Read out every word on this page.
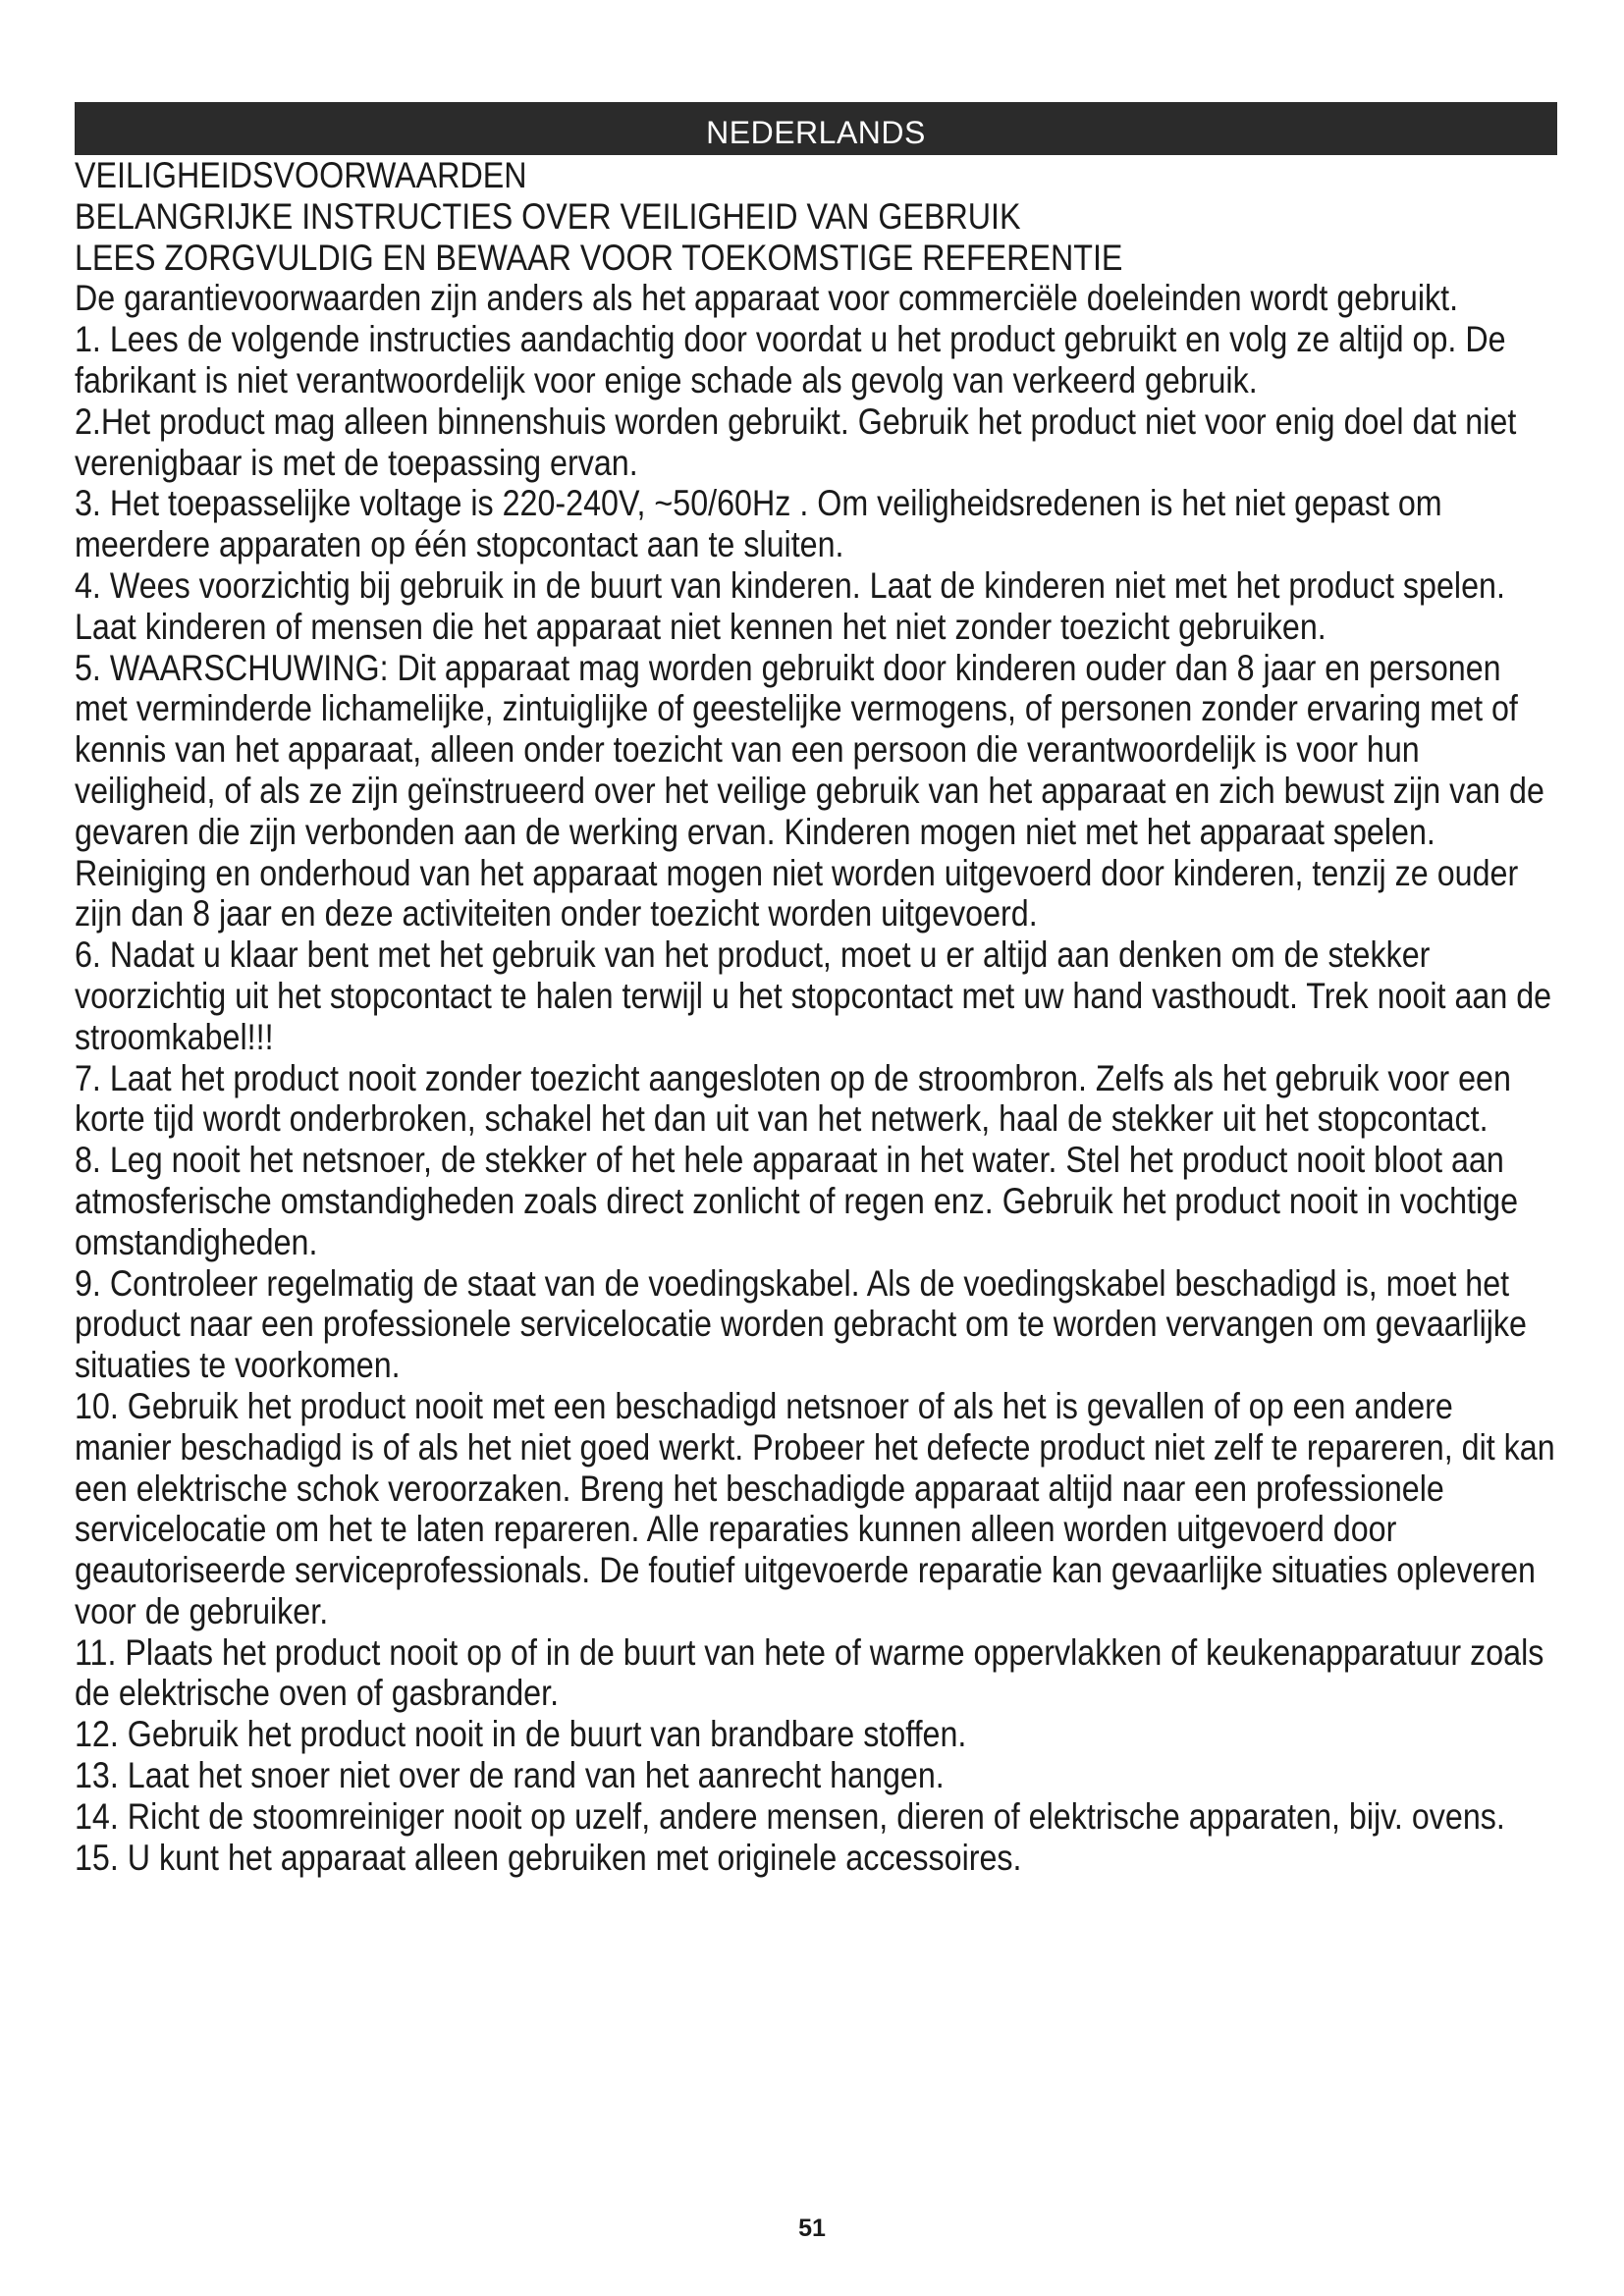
NEDERLANDS

VEILIGHEIDSVOORWAARDEN

BELANGRIJKE INSTRUCTIES OVER VEILIGHEID VAN GEBRUIK

LEES ZORGVULDIG EN BEWAAR VOOR TOEKOMSTIGE REFERENTIE

De garantievoorwaarden zijn anders als het apparaat voor commerciële doeleinden wordt gebruikt.

1. Lees de volgende instructies aandachtig door voordat u het product gebruikt en volg ze altijd op. De fabrikant is niet verantwoordelijk voor enige schade als gevolg van verkeerd gebruik.

2.Het product mag alleen binnenshuis worden gebruikt. Gebruik het product niet voor enig doel dat niet verenigbaar is met de toepassing ervan.

3. Het toepasselijke voltage is 220-240V, ~50/60Hz . Om veiligheidsredenen is het niet gepast om meerdere apparaten op één stopcontact aan te sluiten.

4. Wees voorzichtig bij gebruik in de buurt van kinderen. Laat de kinderen niet met het product spelen. Laat kinderen of mensen die het apparaat niet kennen het niet zonder toezicht gebruiken.

5. WAARSCHUWING: Dit apparaat mag worden gebruikt door kinderen ouder dan 8 jaar en personen met verminderde lichamelijke, zintuiglijke of geestelijke vermogens, of personen zonder ervaring met of kennis van het apparaat, alleen onder toezicht van een persoon die verantwoordelijk is voor hun veiligheid, of als ze zijn geïnstrueerd over het veilige gebruik van het apparaat en zich bewust zijn van de gevaren die zijn verbonden aan de werking ervan. Kinderen mogen niet met het apparaat spelen. Reiniging en onderhoud van het apparaat mogen niet worden uitgevoerd door kinderen, tenzij ze ouder zijn dan 8 jaar en deze activiteiten onder toezicht worden uitgevoerd.

6. Nadat u klaar bent met het gebruik van het product, moet u er altijd aan denken om de stekker voorzichtig uit het stopcontact te halen terwijl u het stopcontact met uw hand vasthoudt. Trek nooit aan de stroomkabel!!!

7. Laat het product nooit zonder toezicht aangesloten op de stroombron. Zelfs als het gebruik voor een korte tijd wordt onderbroken, schakel het dan uit van het netwerk, haal de stekker uit het stopcontact.

8. Leg nooit het netsnoer, de stekker of het hele apparaat in het water. Stel het product nooit bloot aan atmosferische omstandigheden zoals direct zonlicht of regen enz. Gebruik het product nooit in vochtige omstandigheden.

9. Controleer regelmatig de staat van de voedingskabel. Als de voedingskabel beschadigd is, moet het product naar een professionele servicelocatie worden gebracht om te worden vervangen om gevaarlijke situaties te voorkomen.

10. Gebruik het product nooit met een beschadigd netsnoer of als het is gevallen of op een andere manier beschadigd is of als het niet goed werkt. Probeer het defecte product niet zelf te repareren, dit kan een elektrische schok veroorzaken. Breng het beschadigde apparaat altijd naar een professionele servicelocatie om het te laten repareren. Alle reparaties kunnen alleen worden uitgevoerd door geautoriseerde serviceprofessionals. De foutief uitgevoerde reparatie kan gevaarlijke situaties opleveren voor de gebruiker.

11. Plaats het product nooit op of in de buurt van hete of warme oppervlakken of keukenapparatuur zoals de elektrische oven of gasbrander.

12. Gebruik het product nooit in de buurt van brandbare stoffen.

13. Laat het snoer niet over de rand van het aanrecht hangen.

14. Richt de stoomreiniger nooit op uzelf, andere mensen, dieren of elektrische apparaten, bijv. ovens.

15. U kunt het apparaat alleen gebruiken met originele accessoires.

51
